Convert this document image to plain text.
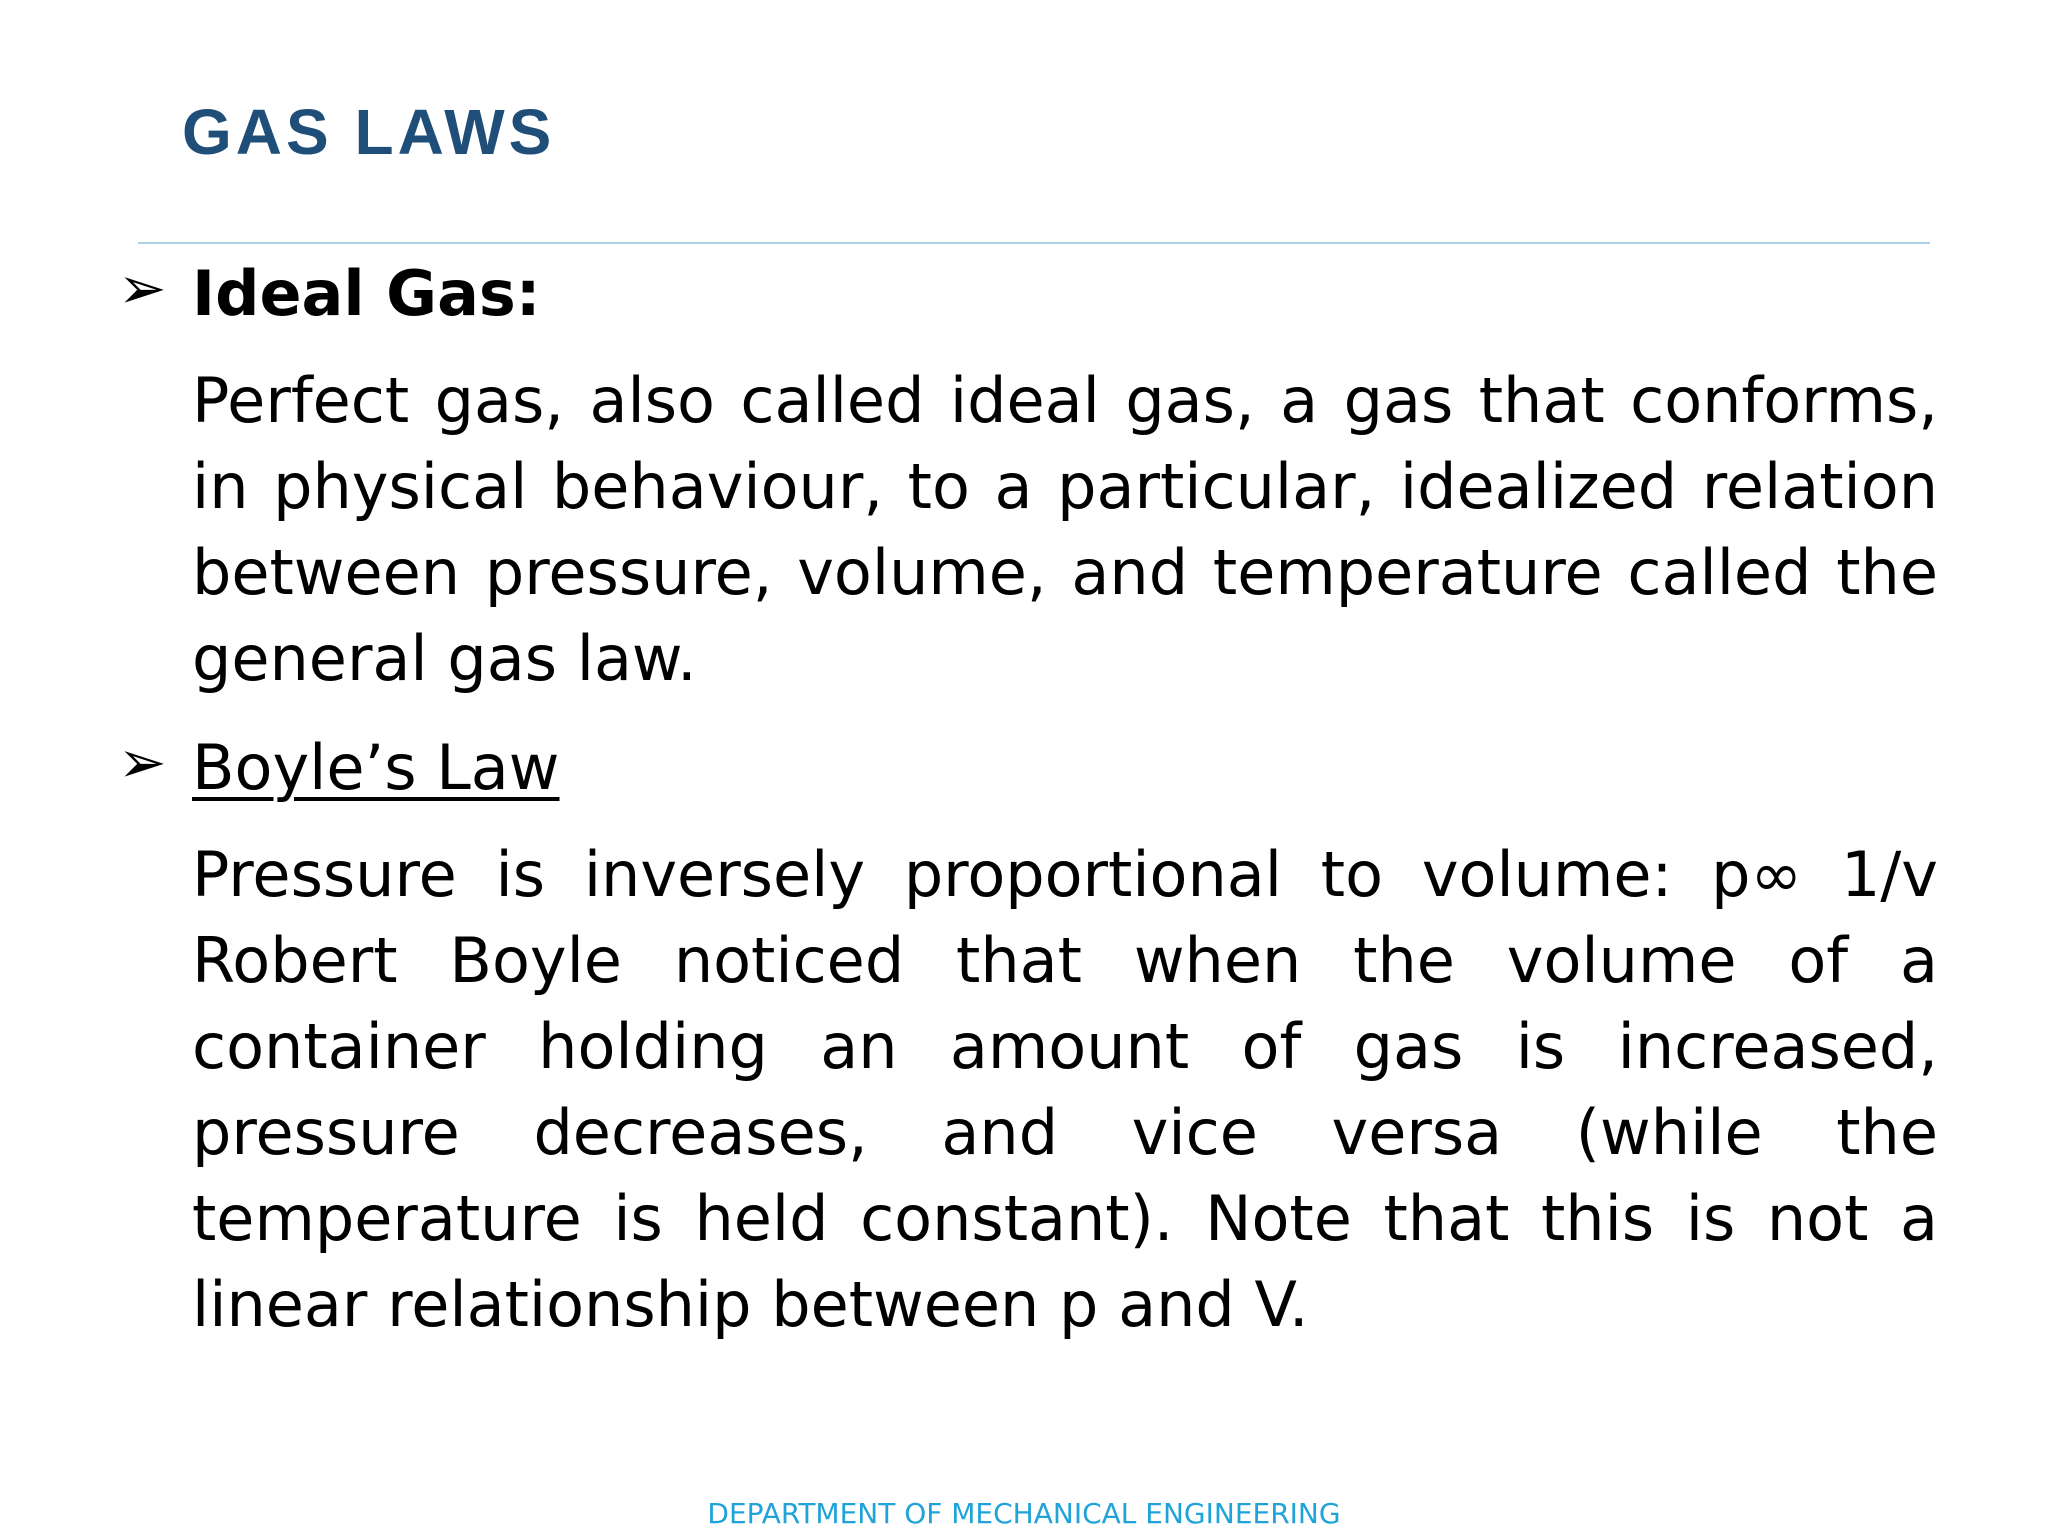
GAS LAWS
➢ Ideal Gas:
Perfect gas, also called ideal gas, a gas that conforms, in physical behaviour, to a particular, idealized relation between pressure, volume, and temperature called the general gas law.
➢ Boyle’s Law
Pressure is inversely proportional to volume: p∞ 1/v Robert Boyle noticed that when the volume of a container holding an amount of gas is increased, pressure decreases, and vice versa (while the temperature is held constant). Note that this is not a linear relationship between p and V.
DEPARTMENT OF MECHANICAL ENGINEERING
